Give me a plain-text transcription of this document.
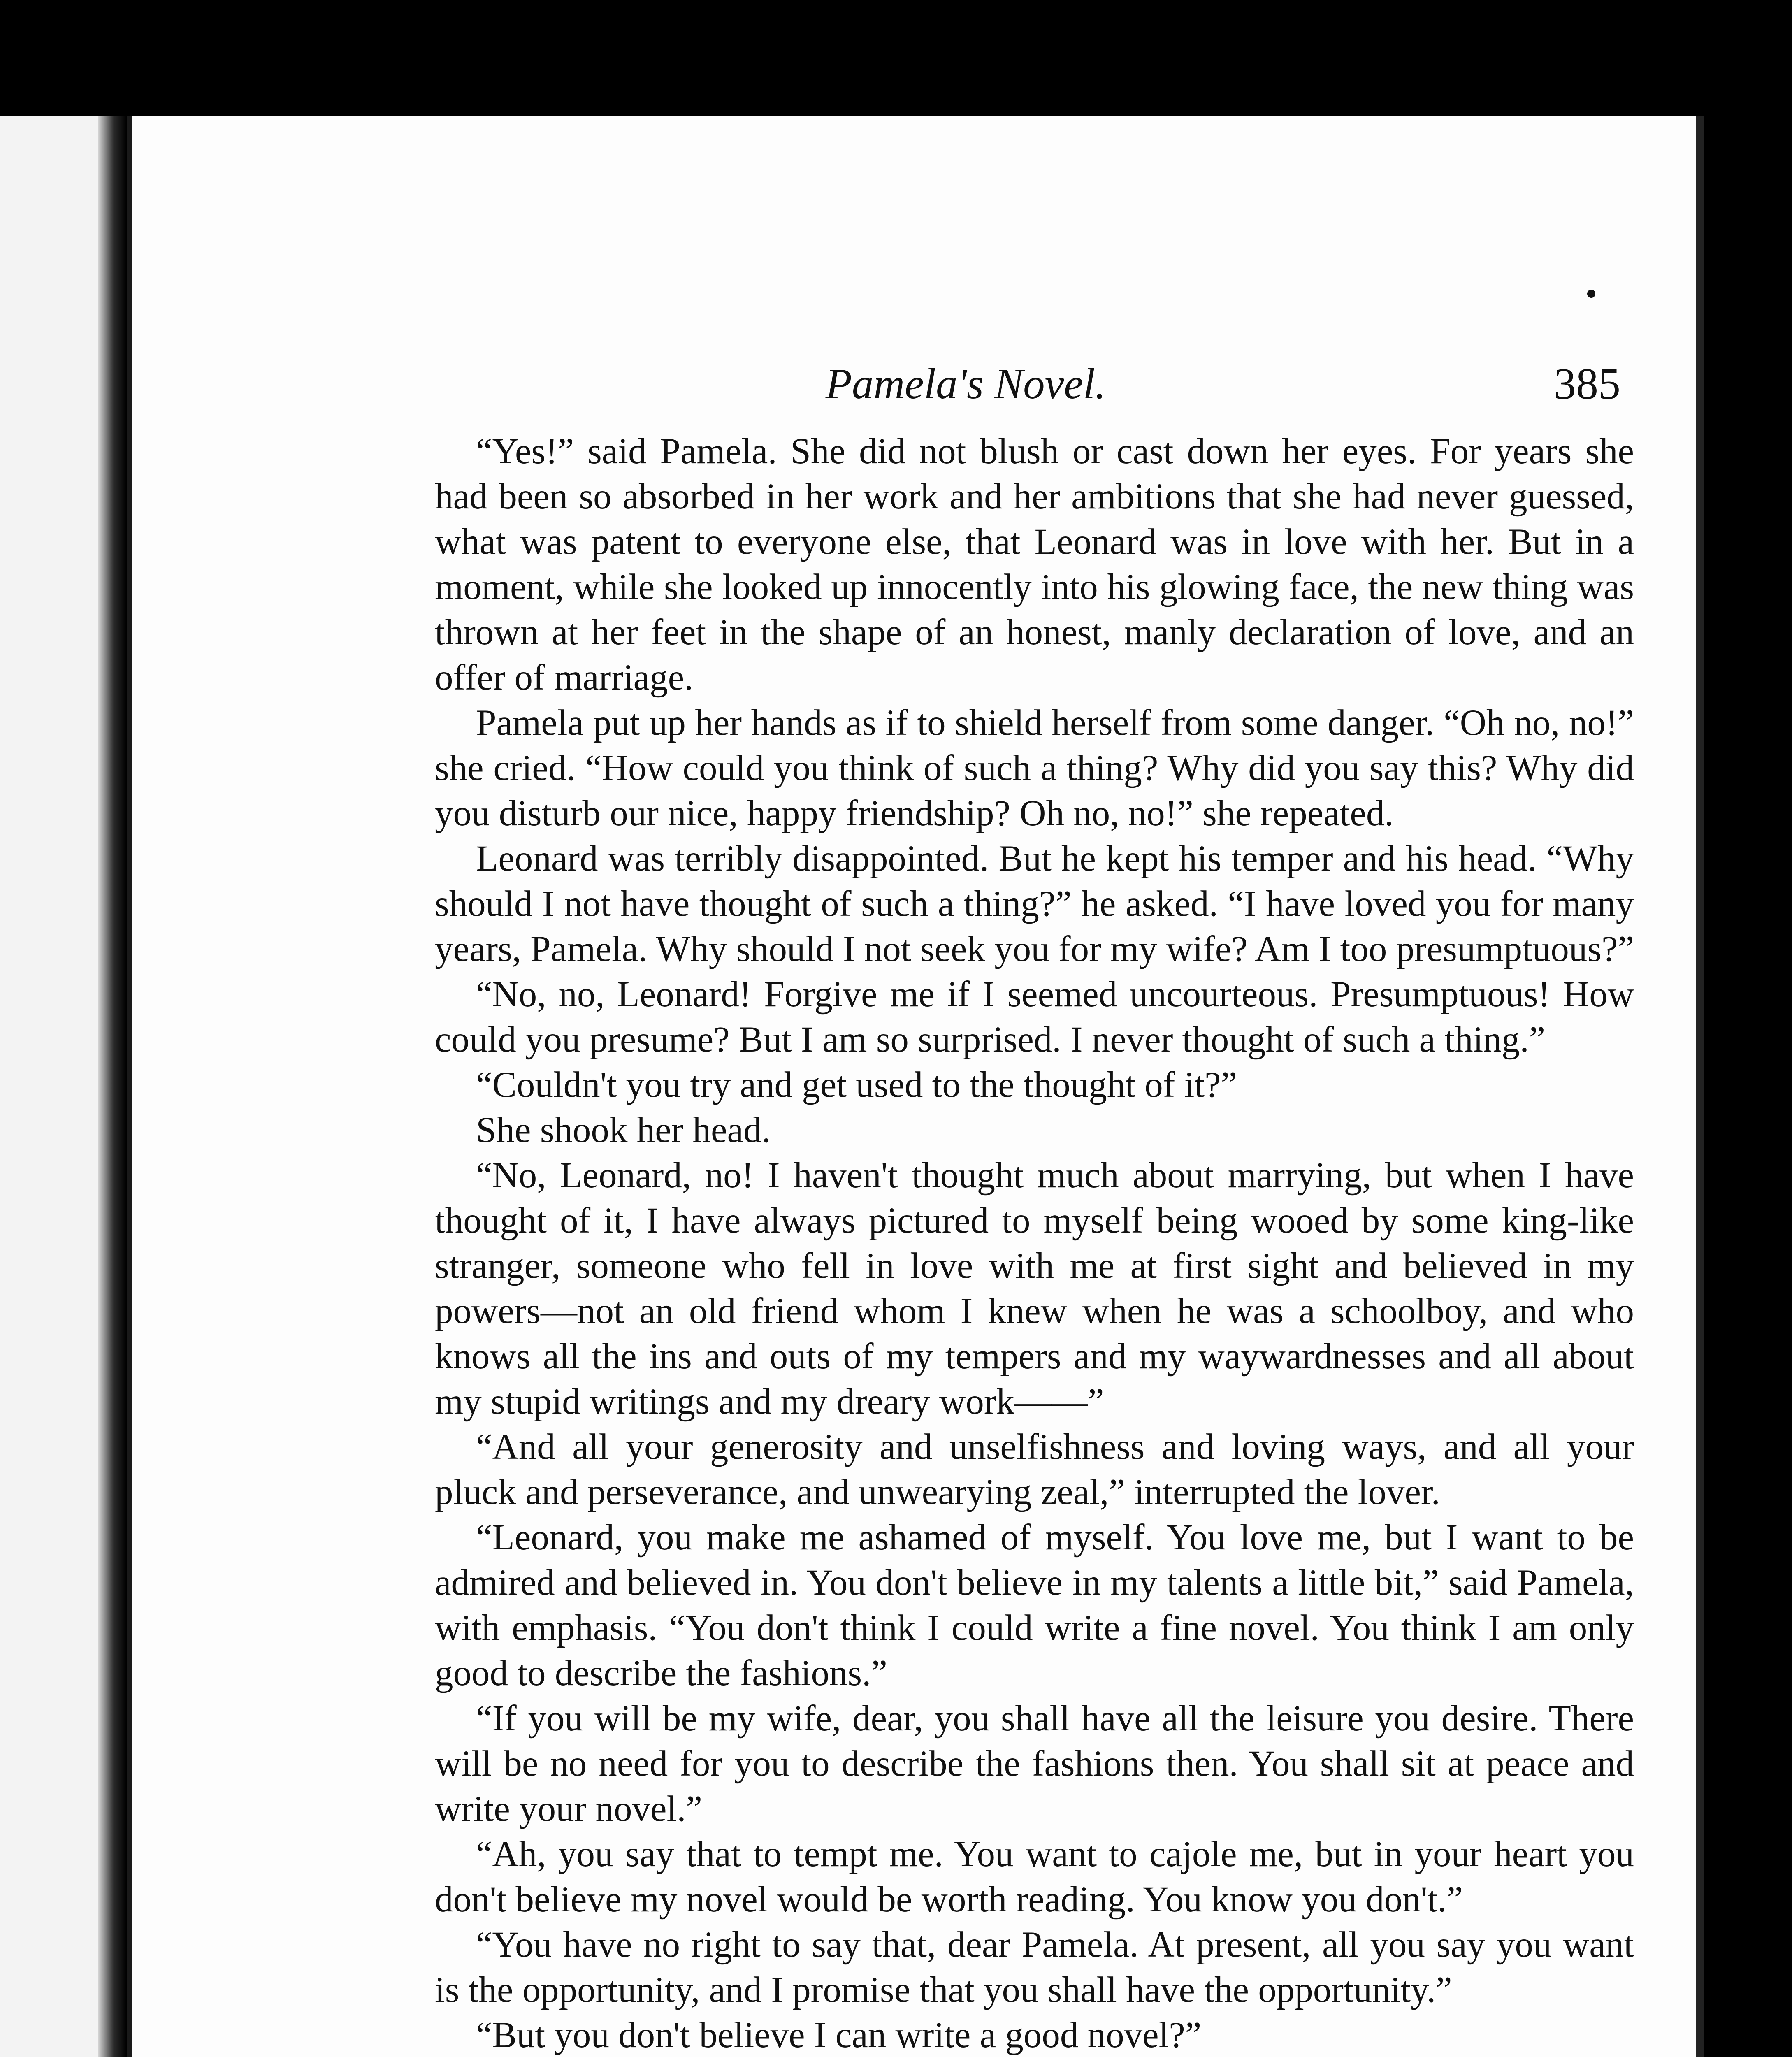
Pamela's Novel.	385

“Yes!” said Pamela. She did not blush or cast down her eyes. For years she had been so absorbed in her work and her ambitions that she had never guessed, what was patent to everyone else, that Leonard was in love with her. But in a moment, while she looked up innocently into his glowing face, the new thing was thrown at her feet in the shape of an honest, manly declaration of love, and an offer of marriage.

Pamela put up her hands as if to shield herself from some danger. “Oh no, no!” she cried. “How could you think of such a thing? Why did you say this? Why did you disturb our nice, happy friendship? Oh no, no!” she repeated.

Leonard was terribly disappointed. But he kept his temper and his head. “Why should I not have thought of such a thing?” he asked. “I have loved you for many years, Pamela. Why should I not seek you for my wife? Am I too presumptuous?”

“No, no, Leonard! Forgive me if I seemed uncourteous. Presumptuous! How could you presume? But I am so surprised. I never thought of such a thing.”

“Couldn't you try and get used to the thought of it?”

She shook her head.

“No, Leonard, no! I haven't thought much about marrying, but when I have thought of it, I have always pictured to myself being wooed by some king-like stranger, someone who fell in love with me at first sight and believed in my powers—not an old friend whom I knew when he was a schoolboy, and who knows all the ins and outs of my tempers and my waywardnesses and all about my stupid writings and my dreary work——”

“And all your generosity and unselfishness and loving ways, and all your pluck and perseverance, and unwearying zeal,” interrupted the lover.

“Leonard, you make me ashamed of myself. You love me, but I want to be admired and believed in. You don't believe in my talents a little bit,” said Pamela, with emphasis. “You don't think I could write a fine novel. You think I am only good to describe the fashions.”

“If you will be my wife, dear, you shall have all the leisure you desire. There will be no need for you to describe the fashions then. You shall sit at peace and write your novel.”

“Ah, you say that to tempt me. You want to cajole me, but in your heart you don't believe my novel would be worth reading. You know you don't.”

“You have no right to say that, dear Pamela. At present, all you say you want is the opportunity, and I promise that you shall have the opportunity.”

“But you don't believe I can write a good novel?”
